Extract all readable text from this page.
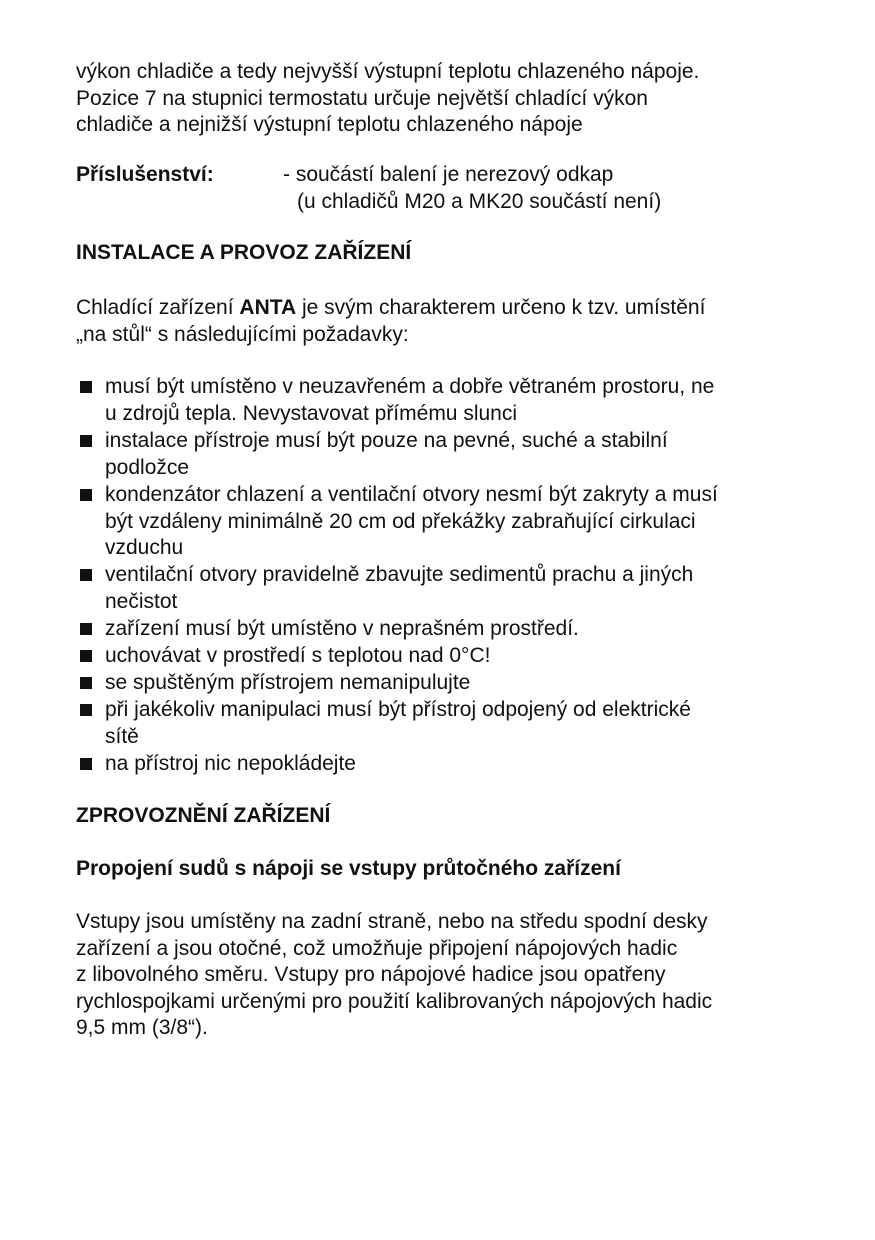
výkon chladiče a tedy nejvyšší výstupní teplotu chlazeného nápoje.
Pozice 7 na stupnici termostatu určuje největší chladící výkon
chladiče a nejnižší výstupní teplotu chlazeného nápoje
Příslušenství:	- součástí balení je nerezový odkap
(u chladičů M20 a MK20 součástí není)
INSTALACE A PROVOZ ZAŘÍZENÍ
Chladící zařízení ANTA je svým charakterem určeno k tzv. umístění
„na stůl“ s následujícími požadavky:
musí být umístěno v neuzavřeném a dobře větraném prostoru, ne
u zdrojů tepla. Nevystavovat přímému slunci
instalace přístroje musí být pouze na pevné, suché a stabilní
podložce
kondenzátor chlazení a ventilační otvory nesmí být zakryty a musí
být vzdáleny minimálně 20 cm od překážky zabraňující cirkulaci
vzduchu
ventilační otvory pravidelně zbavujte sedimentů prachu a jiných
nečistot
zařízení musí být umístěno v neprašném prostředí.
uchovávat v prostředí s teplotou nad 0°C!
se spuštěným přístrojem nemanipulujte
při jakékoliv manipulaci musí být přístroj odpojený od elektrické
sítě
na přístroj nic nepokládejte
ZPROVOZNĚNÍ ZAŘÍZENÍ
Propojení sudů s nápoji se vstupy průtočného zařízení
Vstupy jsou umístěny na zadní straně, nebo na středu spodní desky
zařízení a jsou otočné, což umožňuje připojení nápojových hadic
z libovolného směru. Vstupy pro nápojové hadice jsou opatřeny
rychlospojkami určenými pro použití kalibrovaných nápojových hadic
9,5 mm (3/8“).
